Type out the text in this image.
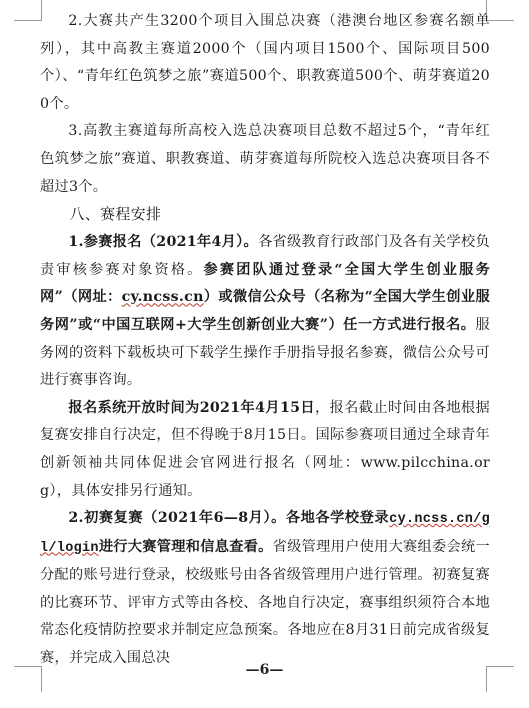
2.大赛共产生3200个项目入围总决赛（港澳台地区参赛名额单列），其中高教主赛道2000个（国内项目1500个、国际项目500个）、“青年红色筑梦之旅”赛道500个、职教赛道500个、萌芽赛道200个。

3.高教主赛道每所高校入选总决赛项目总数不超过5个，“青年红色筑梦之旅”赛道、职教赛道、萌芽赛道每所院校入选总决赛项目各不超过3个。

八、赛程安排

1.参赛报名（2021年4月）。各省级教育行政部门及各有关学校负责审核参赛对象资格。参赛团队通过登录“全国大学生创业服务网”（网址：cy.ncss.cn）或微信公众号（名称为“全国大学生创业服务网”或“中国互联网+大学生创新创业大赛”）任一方式进行报名。服务网的资料下载板块可下载学生操作手册指导报名参赛，微信公众号可进行赛事咨询。

报名系统开放时间为2021年4月15日，报名截止时间由各地根据复赛安排自行决定，但不得晚于8月15日。国际参赛项目通过全球青年创新领袖共同体促进会官网进行报名（网址：www.pilcchina.org），具体安排另行通知。

2.初赛复赛（2021年6—8月）。各地各学校登录cy.ncss.cn/gl/login进行大赛管理和信息查看。省级管理用户使用大赛组委会统一分配的账号进行登录，校级账号由各省级管理用户进行管理。初赛复赛的比赛环节、评审方式等由各校、各地自行决定，赛事组织须符合本地常态化疫情防控要求并制定应急预案。各地应在8月31日前完成省级复赛，并完成入围总决

—6—
